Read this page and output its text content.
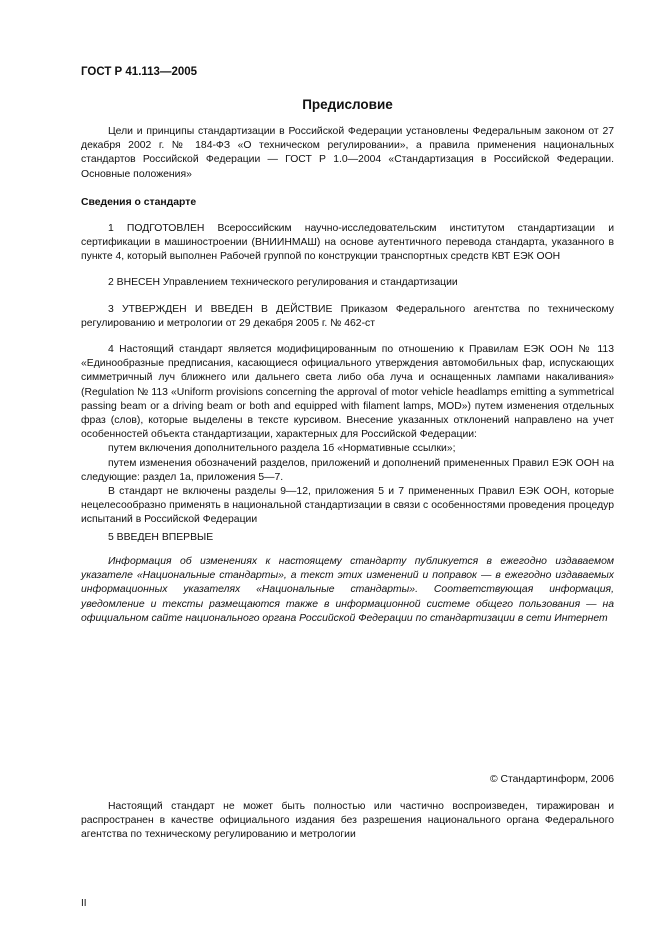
ГОСТ Р 41.113—2005
Предисловие

Цели и принципы стандартизации в Российской Федерации установлены Федеральным законом от 27 декабря 2002 г. № 184-ФЗ «О техническом регулировании», а правила применения национальных стандартов Российской Федерации — ГОСТ Р 1.0—2004 «Стандартизация в Российской Федерации. Основные положения»

Сведения о стандарте

1 ПОДГОТОВЛЕН Всероссийским научно-исследовательским институтом стандартизации и сертификации в машиностроении (ВНИИНМАШ) на основе аутентичного перевода стандарта, указанного в пункте 4, который выполнен Рабочей группой по конструкции транспортных средств КВТ ЕЭК ООН

2 ВНЕСЕН Управлением технического регулирования и стандартизации

3 УТВЕРЖДЕН И ВВЕДЕН В ДЕЙСТВИЕ Приказом Федерального агентства по техническому регулированию и метрологии от 29 декабря 2005 г. № 462-ст

4 Настоящий стандарт является модифицированным по отношению к Правилам ЕЭК ООН № 113 «Единообразные предписания, касающиеся официального утверждения автомобильных фар, испускающих симметричный луч ближнего или дальнего света либо оба луча и оснащенных лампами накаливания» (Regulation № 113 «Uniform provisions concerning the approval of motor vehicle headlamps emitting a symmetrical passing beam or a driving beam or both and equipped with filament lamps, MOD») путем изменения отдельных фраз (слов), которые выделены в тексте курсивом. Внесение указанных отклонений направлено на учет особенностей объекта стандартизации, характерных для Российской Федерации:

путем включения дополнительного раздела 1б «Нормативные ссылки»;

путем изменения обозначений разделов, приложений и дополнений примененных Правил ЕЭК ООН на следующие: раздел 1а, приложения 5—7.

В стандарт не включены разделы 9—12, приложения 5 и 7 примененных Правил ЕЭК ООН, которые нецелесообразно применять в национальной стандартизации в связи с особенностями проведения процедур испытаний в Российской Федерации

5 ВВЕДЕН ВПЕРВЫЕ

Информация об изменениях к настоящему стандарту публикуется в ежегодно издаваемом указателе «Национальные стандарты», а текст этих изменений и поправок — в ежегодно издаваемых информационных указателях «Национальные стандарты». Соответствующая информация, уведомление и тексты размещаются также в информационной системе общего пользования — на официальном сайте национального органа Российской Федерации по стандартизации в сети Интернет

© Стандартинформ, 2006

Настоящий стандарт не может быть полностью или частично воспроизведен, тиражирован и распространен в качестве официального издания без разрешения национального органа Федерального агентства по техническому регулированию и метрологии

II
